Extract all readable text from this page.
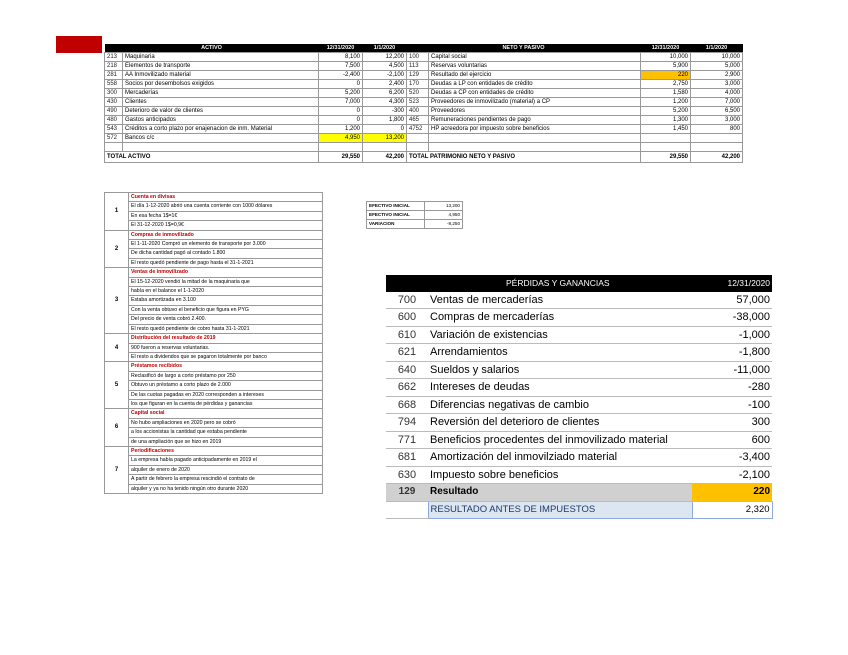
ACTIVO		12/31/2020	1/1/2020	NETO Y PASIVO		12/31/2020	1/1/2020
213	Maquinaria	8,100	12,200	100	Capital social	10,000	10,000
218	Elementos de transporte	7,500	4,500	113	Reservas voluntarias	5,900	5,000
281	AA Inmovilizado material	-2,400	-2,100	129	Resultado del ejercicio	220	2,900
558	Socios por desembolsos exigidos	0	2,400	170	Deudas a LP con entidades de crédito	2,750	3,000
300	Mercaderías	5,200	6,200	520	Deudas a CP con entidades de crédito	1,580	4,000
430	Clientes	7,000	4,300	523	Proveedores de inmovilizado (material) a CP	1,200	7,000
490	Deterioro de valor de clientes	0	-300	400	Proveedores	5,200	6,500
480	Gastos anticipados	0	1,800	465	Remuneraciones pendientes de pago	1,300	3,000
543	Créditos a corto plazo por enajenacion de inm. Material	1,200	0	4752	HP acreedora por impuesto sobre beneficios	1,450	800
572	Bancos c/c	4,950	13,200				

TOTAL ACTIVO		29,550	42,200	TOTAL PATRIMONIO NETO Y PASIVO		29,550	42,200
1	Cuenta en divisas
	El día 1-12-2020 abrió una cuenta corriente con 1000 dólares
	En esa fecha 1$=1€
	El 31-12-2020 1$=0,9€
2	Compras de inmovilizado
	El 1-11-2020 Compró un elemento de transporte por 3.000
	De dicha cantidad pagó al contado 1.800
	El resto quedó pendiente de pago hasta el 31-1-2021
3	Ventas de inmovilizado
	El 15-12-2020 vendió la mitad de la maquinaria que
	había en el balance el 1-1-2020
	Estaba amortizada en 3.100
	Con la venta obtuvo el beneficio que figura en PYG
	Del precio de venta cobró 2.400.
	El resto quedó pendiente de cobro hasta 31-1-2021
4	Distribución del resultado de 2019
	900 fueron a reservas voluntarias.
	El resto a dividendos que se pagaron totalmente por banco
5	Préstamos recibidos
	Reclasificó de largo a corto préstamo por 250
	Obtuvo un préstamo a corto plazo de 2.000
	De las cuotas pagadas en 2020 corresponden a intereses
	los que figuran en la cuenta de pérdidas y ganancias
6	Capital social
	No hubo ampliaciones en 2020 pero se cobró
	a los accionistas la cantidad que estaba pendiente
	de una ampliación que se hizo en 2019
7	Periodificaciones
	La empresa había pagado anticipadamente en 2019 el
	alquiler de enero de 2020
	A partir de febrero la empresa rescindió el contrato de
	alquiler y ya no ha tenido ningún otro durante 2020
EFECTIVO INICIAL	13,200
EFECTIVO INICIAL	4,950
VARIACION	-8,250
PÉRDIDAS Y GANANCIAS		12/31/2020
700	Ventas de mercaderías	57,000
600	Compras de mercaderías	-38,000
610	Variación de existencias	-1,000
621	Arrendamientos	-1,800
640	Sueldos y salarios	-11,000
662	Intereses de deudas	-280
668	Diferencias negativas de cambio	-100
794	Reversión del deterioro de clientes	300
771	Beneficios procedentes del inmovilizado material	600
681	Amortización del inmovilziado material	-3,400
630	Impuesto sobre beneficios	-2,100
129	Resultado	220
	RESULTADO ANTES DE IMPUESTOS	2,320
